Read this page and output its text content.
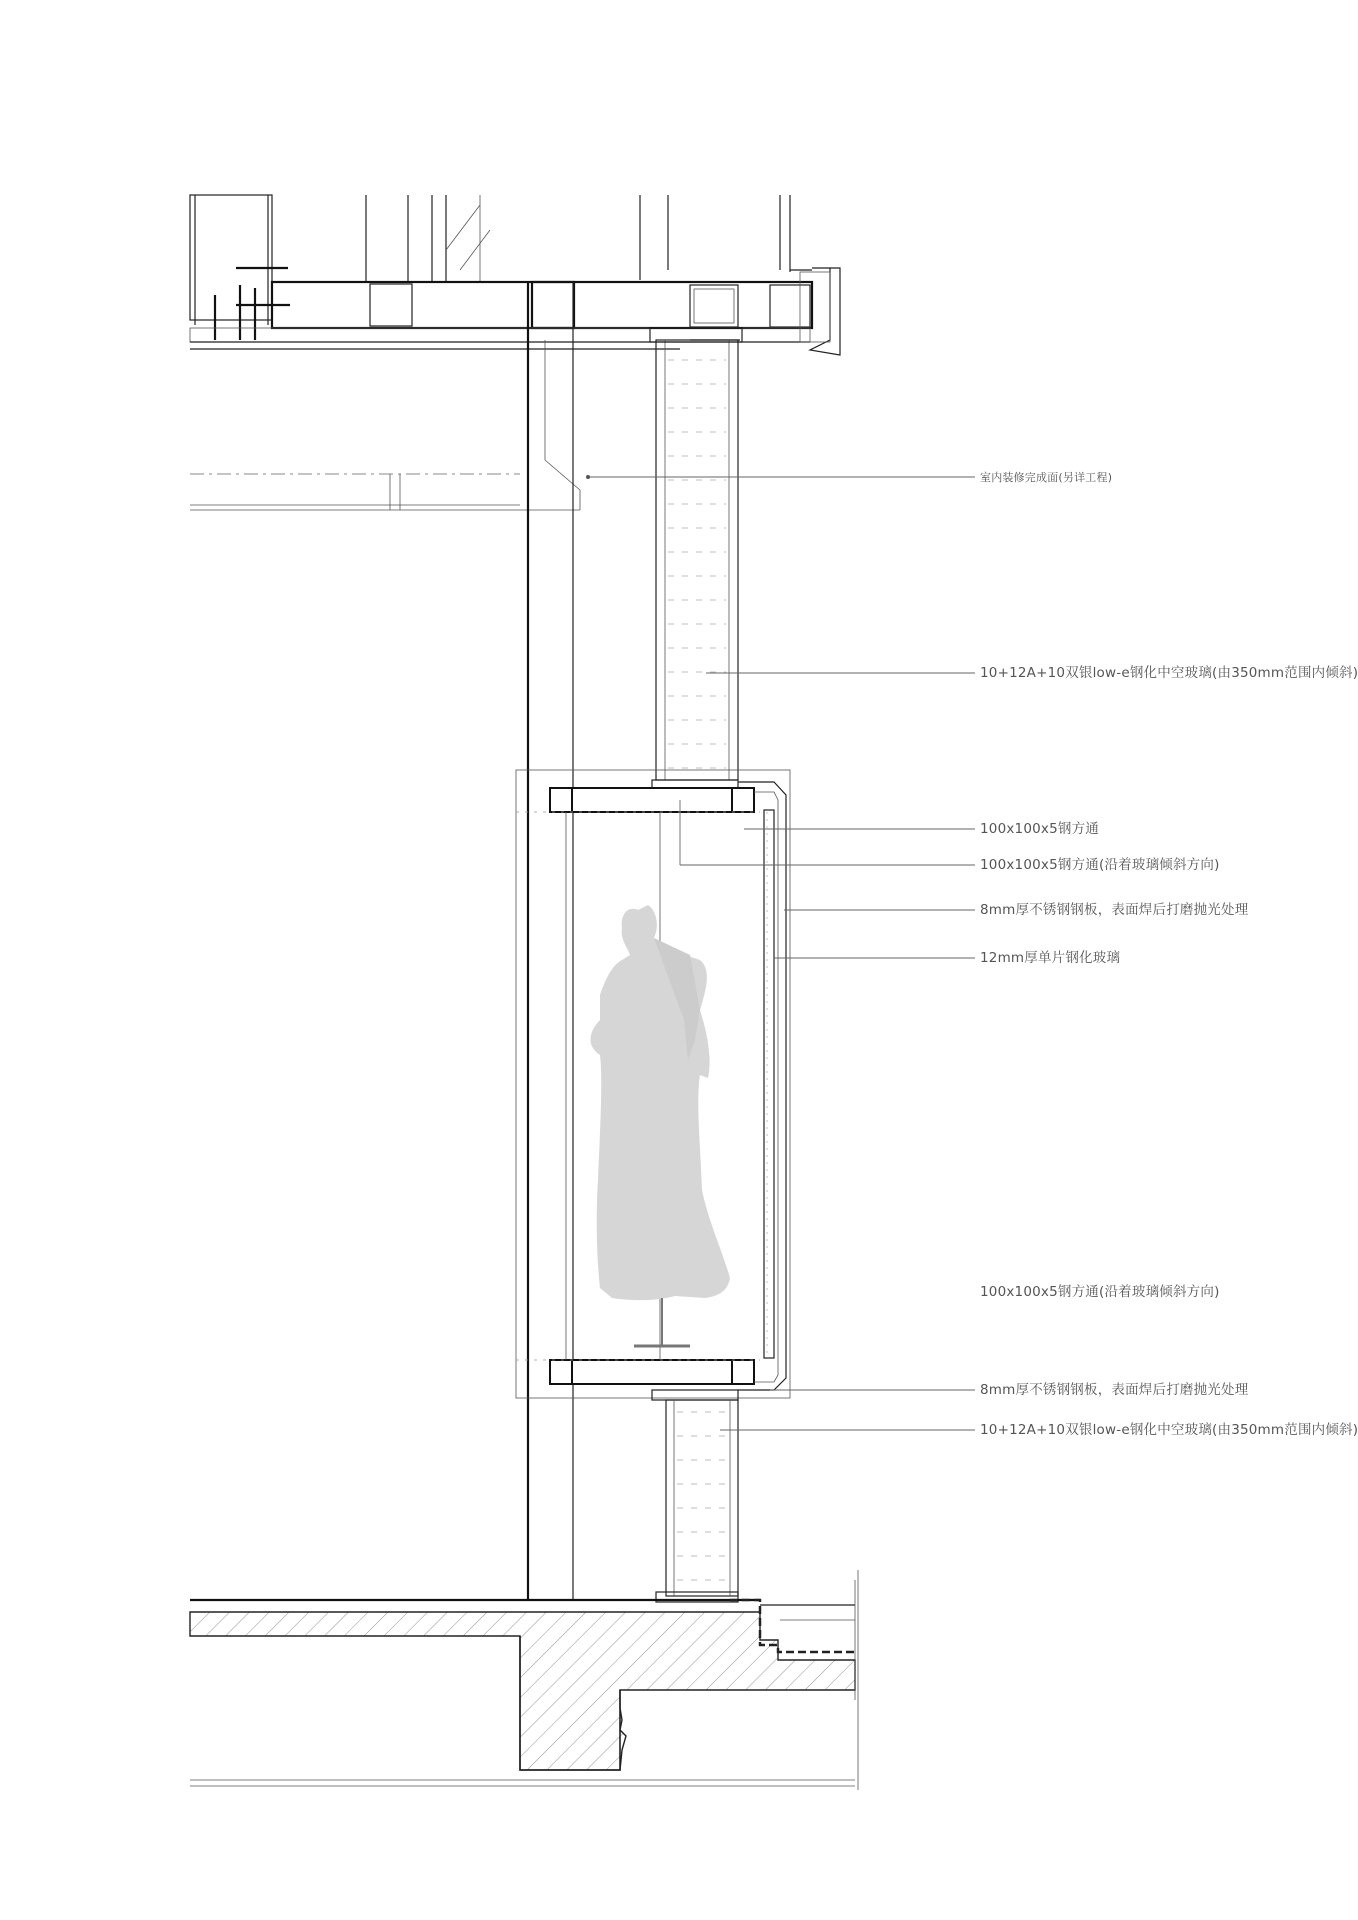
室内装修完成面(另详工程)
10+12A+10双银low-e钢化中空玻璃(由350mm范围内倾斜)
100x100x5钢方通
100x100x5钢方通(沿着玻璃倾斜方向)
8mm厚不锈钢钢板，表面焊后打磨抛光处理
12mm厚单片钢化玻璃
100x100x5钢方通(沿着玻璃倾斜方向)
8mm厚不锈钢钢板，表面焊后打磨抛光处理
10+12A+10双银low-e钢化中空玻璃(由350mm范围内倾斜)
